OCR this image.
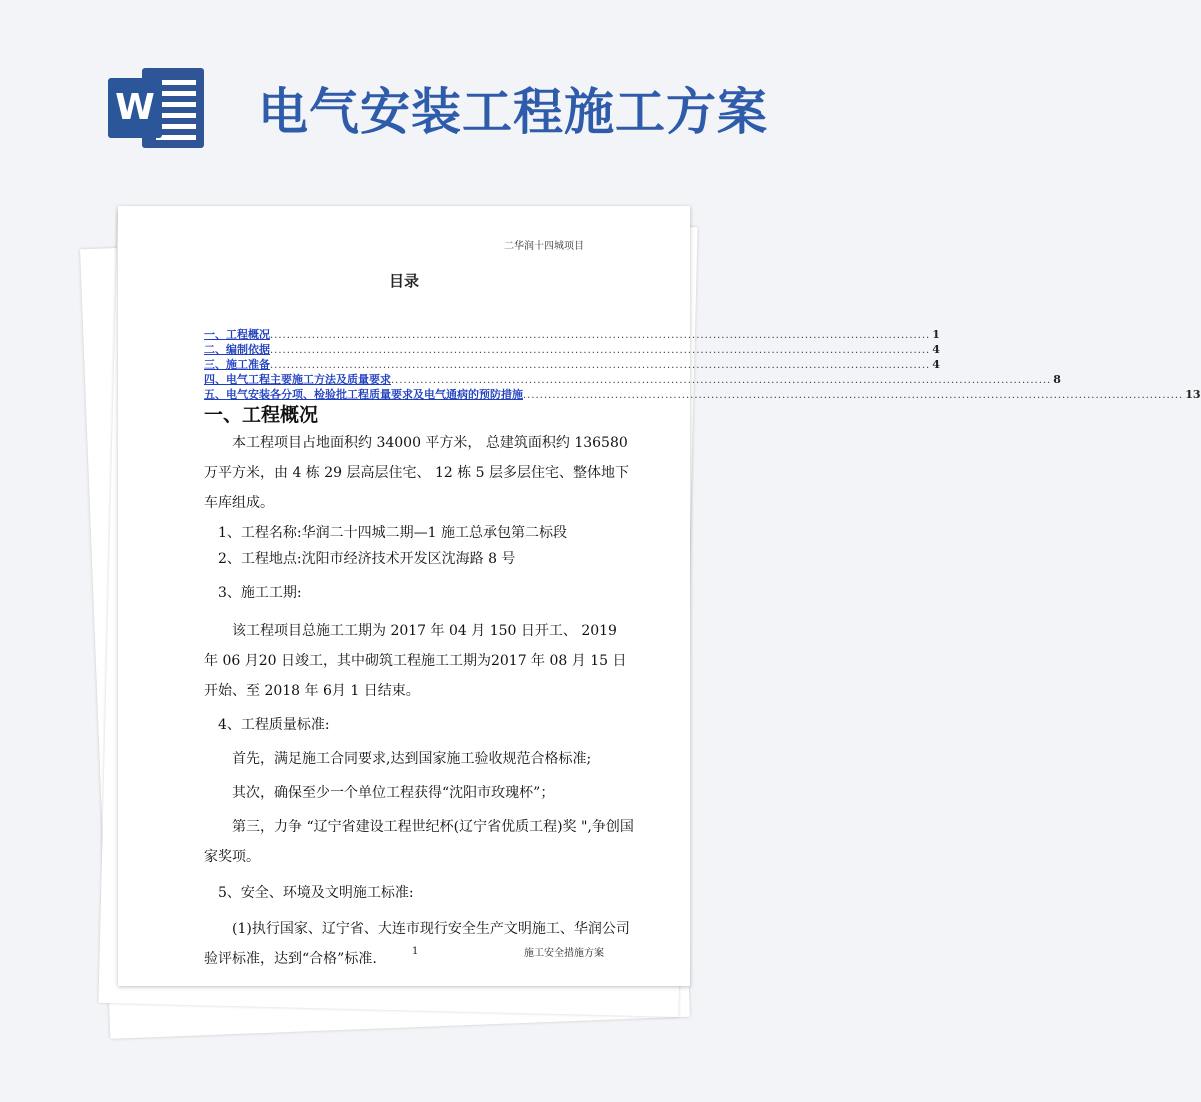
W 电气安装工程施工方案
二华润十四城项目
目录
一、工程概况 .............................................................................................................................................................. 1
二、编制依据 .............................................................................................................................................................. 4
三、施工准备 .............................................................................................................................................................. 4
四、电气工程主要施工方法及质量要求 .............................................................................................................................................................. 8
五、电气安装各分项、检验批工程质量要求及电气通病的预防措施 .............................................................................................................................................................. 13
一、工程概况
本工程项目占地面积约 34000 平方米， 总建筑面积约 136580 万平方米，由 4 栋 29 层高层住宅、 12 栋 5 层多层住宅、整体地下车库组成。
1、工程名称:华润二十四城二期—1 施工总承包第二标段
2、工程地点:沈阳市经济技术开发区沈海路 8 号
3、施工工期:
该工程项目总施工工期为 2017 年 04 月 150 日开工、 2019 年 06 月20 日竣工，其中砌筑工程施工工期为2017 年 08 月 15 日开始、至 2018 年 6月 1 日结束。
4、工程质量标准:
首先，满足施工合同要求,达到国家施工验收规范合格标准;
其次，确保至少一个单位工程获得“沈阳市玫瑰杯”；
第三，力争 “辽宁省建设工程世纪杯(辽宁省优质工程)奖 ",争创国家奖项。
5、安全、环境及文明施工标准:
(1)执行国家、辽宁省、大连市现行安全生产文明施工、华润公司验评标准，达到“合格”标准.	1	施工安全措施方案
